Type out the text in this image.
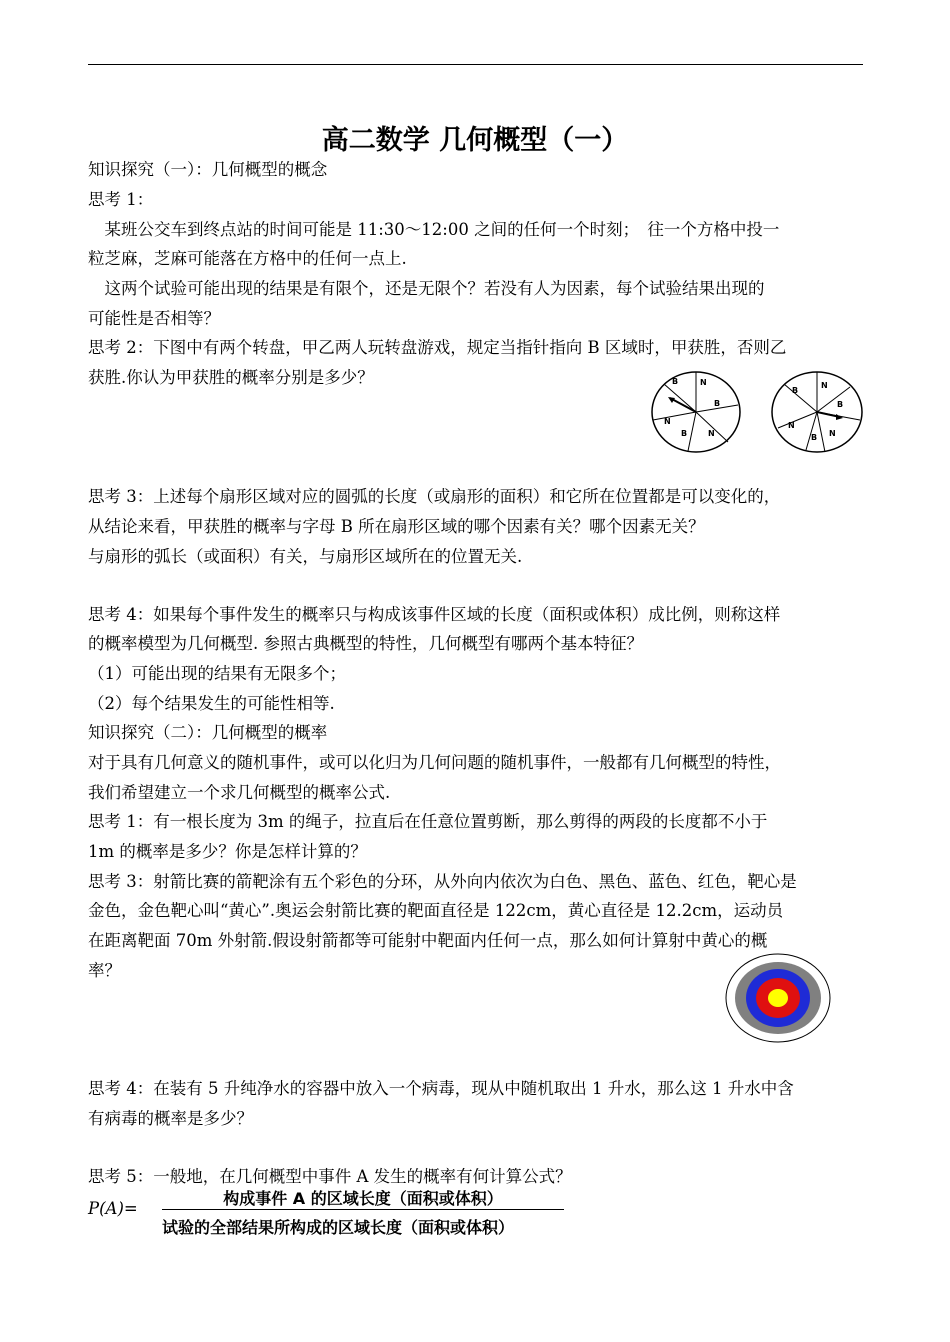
高二数学 几何概型（一）
知识探究（一）：几何概型的概念
思考 1：
　某班公交车到终点站的时间可能是 11:30～12:00 之间的任何一个时刻；　往一个方格中投一
粒芝麻，芝麻可能落在方格中的任何一点上.
　这两个试验可能出现的结果是有限个，还是无限个？若没有人为因素，每个试验结果出现的
可能性是否相等？
思考 2：下图中有两个转盘，甲乙两人玩转盘游戏，规定当指针指向 B 区域时，甲获胜，否则乙
获胜.你认为甲获胜的概率分别是多少？	B	N
B
N
B
N
B
N
B
N
B
N
思考 3：上述每个扇形区域对应的圆弧的长度（或扇形的面积）和它所在位置都是可以变化的，
从结论来看，甲获胜的概率与字母 B 所在扇形区域的哪个因素有关？哪个因素无关？
与扇形的弧长（或面积）有关，与扇形区域所在的位置无关.
思考 4：如果每个事件发生的概率只与构成该事件区域的长度（面积或体积）成比例，则称这样
的概率模型为几何概型. 参照古典概型的特性，几何概型有哪两个基本特征？
（1）可能出现的结果有无限多个；
（2）每个结果发生的可能性相等.
知识探究（二）：几何概型的概率
对于具有几何意义的随机事件，或可以化归为几何问题的随机事件，一般都有几何概型的特性，
我们希望建立一个求几何概型的概率公式.
思考 1：有一根长度为 3m 的绳子，拉直后在任意位置剪断，那么剪得的两段的长度都不小于
1m 的概率是多少？你是怎样计算的？
思考 3：射箭比赛的箭靶涂有五个彩色的分环，从外向内依次为白色、黑色、蓝色、红色，靶心是
金色，金色靶心叫“黄心”.奥运会射箭比赛的靶面直径是 122cm，黄心直径是 12.2cm，运动员
在距离靶面 70m 外射箭.假设射箭都等可能射中靶面内任何一点，那么如何计算射中黄心的概
率？
思考 4：在装有 5 升纯净水的容器中放入一个病毒，现从中随机取出 1 升水，那么这 1 升水中含
有病毒的概率是多少？
思考 5：一般地，在几何概型中事件 A 发生的概率有何计算公式？
P(A)=
构成事件 A 的区域长度（面积或体积）
试验的全部结果所构成的区域长度（面积或体积）
